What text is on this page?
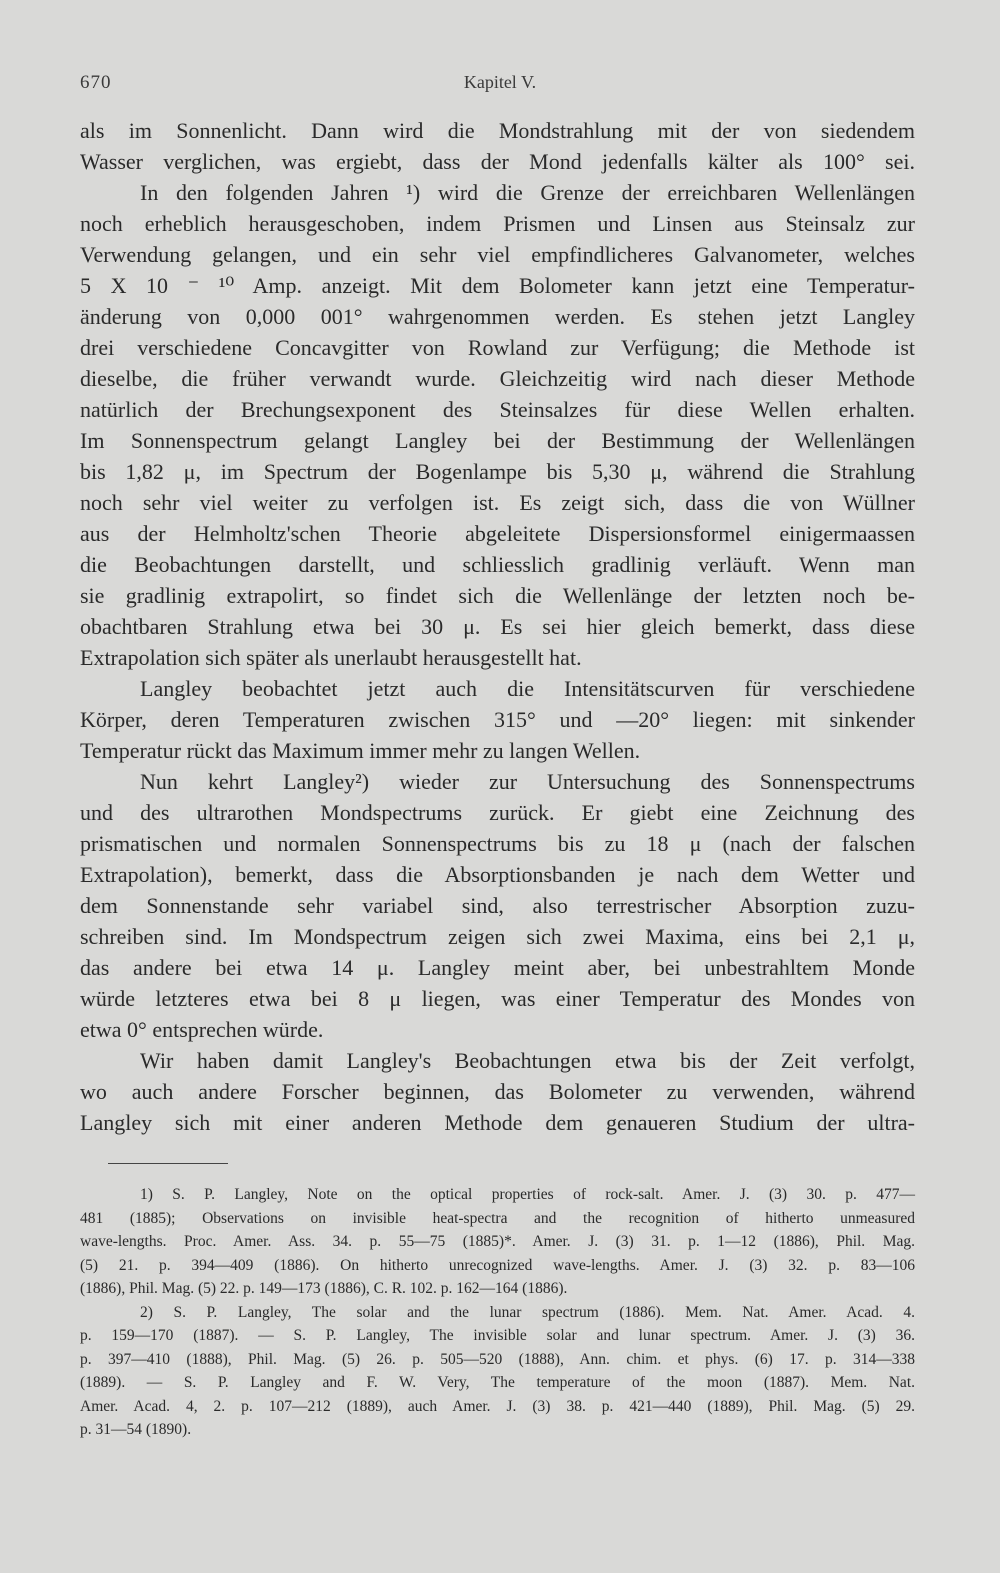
670	Kapitel V.
als im Sonnenlicht. Dann wird die Mondstrahlung mit der von siedendem
Wasser verglichen, was ergiebt, dass der Mond jedenfalls kälter als 100° sei.
In den folgenden Jahren ¹) wird die Grenze der erreichbaren Wellenlängen
noch erheblich herausgeschoben, indem Prismen und Linsen aus Steinsalz zur
Verwendung gelangen, und ein sehr viel empfindlicheres Galvanometer, welches
5 X 10 ⁻ ¹⁰ Amp. anzeigt. Mit dem Bolometer kann jetzt eine Temperatur-
änderung von 0,000 001° wahrgenommen werden. Es stehen jetzt Langley
drei verschiedene Concavgitter von Rowland zur Verfügung; die Methode ist
dieselbe, die früher verwandt wurde. Gleichzeitig wird nach dieser Methode
natürlich der Brechungsexponent des Steinsalzes für diese Wellen erhalten.
Im Sonnenspectrum gelangt Langley bei der Bestimmung der Wellenlängen
bis 1,82 μ, im Spectrum der Bogenlampe bis 5,30 μ, während die Strahlung
noch sehr viel weiter zu verfolgen ist. Es zeigt sich, dass die von Wüllner
aus der Helmholtz'schen Theorie abgeleitete Dispersionsformel einigermaassen
die Beobachtungen darstellt, und schliesslich gradlinig verläuft. Wenn man
sie gradlinig extrapolirt, so findet sich die Wellenlänge der letzten noch be-
obachtbaren Strahlung etwa bei 30 μ. Es sei hier gleich bemerkt, dass diese
Extrapolation sich später als unerlaubt herausgestellt hat.
Langley beobachtet jetzt auch die Intensitätscurven für verschiedene
Körper, deren Temperaturen zwischen 315° und —20° liegen: mit sinkender
Temperatur rückt das Maximum immer mehr zu langen Wellen.
Nun kehrt Langley²) wieder zur Untersuchung des Sonnenspectrums
und des ultrarothen Mondspectrums zurück. Er giebt eine Zeichnung des
prismatischen und normalen Sonnenspectrums bis zu 18 μ (nach der falschen
Extrapolation), bemerkt, dass die Absorptionsbanden je nach dem Wetter und
dem Sonnenstande sehr variabel sind, also terrestrischer Absorption zuzu-
schreiben sind. Im Mondspectrum zeigen sich zwei Maxima, eins bei 2,1 μ,
das andere bei etwa 14 μ. Langley meint aber, bei unbestrahltem Monde
würde letzteres etwa bei 8 μ liegen, was einer Temperatur des Mondes von
etwa 0° entsprechen würde.
Wir haben damit Langley's Beobachtungen etwa bis der Zeit verfolgt,
wo auch andere Forscher beginnen, das Bolometer zu verwenden, während
Langley sich mit einer anderen Methode dem genaueren Studium der ultra-
1) S. P. Langley, Note on the optical properties of rock-salt. Amer. J. (3) 30. p. 477—
481 (1885); Observations on invisible heat-spectra and the recognition of hitherto unmeasured
wave-lengths. Proc. Amer. Ass. 34. p. 55—75 (1885)*. Amer. J. (3) 31. p. 1—12 (1886), Phil. Mag.
(5) 21. p. 394—409 (1886). On hitherto unrecognized wave-lengths. Amer. J. (3) 32. p. 83—106
(1886), Phil. Mag. (5) 22. p. 149—173 (1886), C. R. 102. p. 162—164 (1886).
2) S. P. Langley, The solar and the lunar spectrum (1886). Mem. Nat. Amer. Acad. 4.
p. 159—170 (1887). — S. P. Langley, The invisible solar and lunar spectrum. Amer. J. (3) 36.
p. 397—410 (1888), Phil. Mag. (5) 26. p. 505—520 (1888), Ann. chim. et phys. (6) 17. p. 314—338
(1889). — S. P. Langley and F. W. Very, The temperature of the moon (1887). Mem. Nat.
Amer. Acad. 4, 2. p. 107—212 (1889), auch Amer. J. (3) 38. p. 421—440 (1889), Phil. Mag. (5) 29.
p. 31—54 (1890).
